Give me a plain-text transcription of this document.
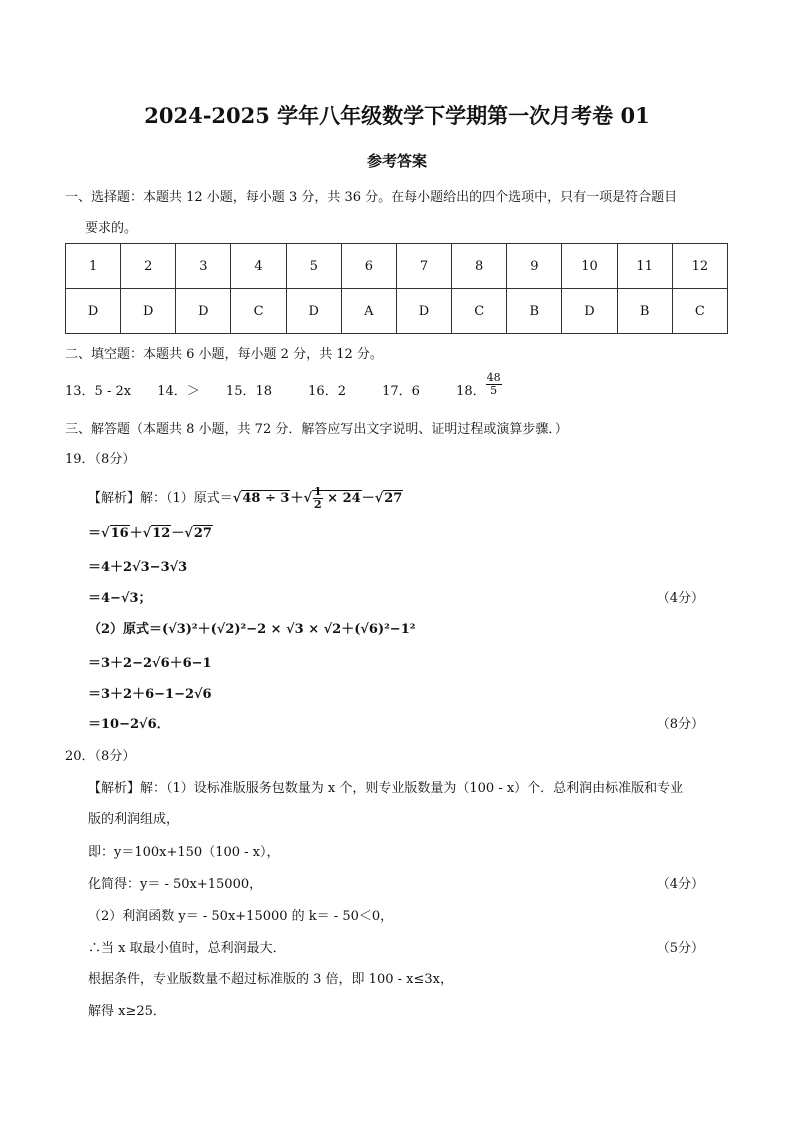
2024-2025 学年八年级数学下学期第一次月考卷 01
参考答案
一、选择题：本题共 12 小题，每小题 3 分，共 36 分。在每小题给出的四个选项中，只有一项是符合题目
要求的。
1	2	3	4	5	6	7	8	9	10	11	12
D	D	D	C	D	A	D	C	B	D	B	C
二、填空题：本题共 6 小题，每小题 2 分，共 12 分。
13．5 - 2x 14．＞ 15．18	16．2	17．6	18． $\frac{48}{5}$
三、解答题（本题共 8 小题，共 72 分．解答应写出文字说明、证明过程或演算步骤．）
19．（8分）
【解析】解：（1）原式$=√48 \div 3+√ \frac{1}{2} \times 24-√27$
＝√16＋√12－√27
＝4＋2√3−3√3
＝4−√3；	（4分）
（2）原式＝(√3)²＋(√2)²−2 × √3 × √2＋(√6)²−1²
＝3＋2−2√6＋6−1
＝3＋2＋6−1−2√6
＝10−2√6．	（8分）
20．（8分）
【解析】解：（1）设标准版服务包数量为 x 个，则专业版数量为（100 - x）个．总利润由标准版和专业
版的利润组成，
即：y＝100x+150（100 - x），
化简得：y＝ - 50x+15000，	（4分）
（2）利润函数 y＝ - 50x+15000 的 k＝ - 50＜0，
∴当 x 取最小值时，总利润最大．	（5分）
根据条件，专业版数量不超过标准版的 3 倍，即 100 - x≤3x，
解得 x≥25．
